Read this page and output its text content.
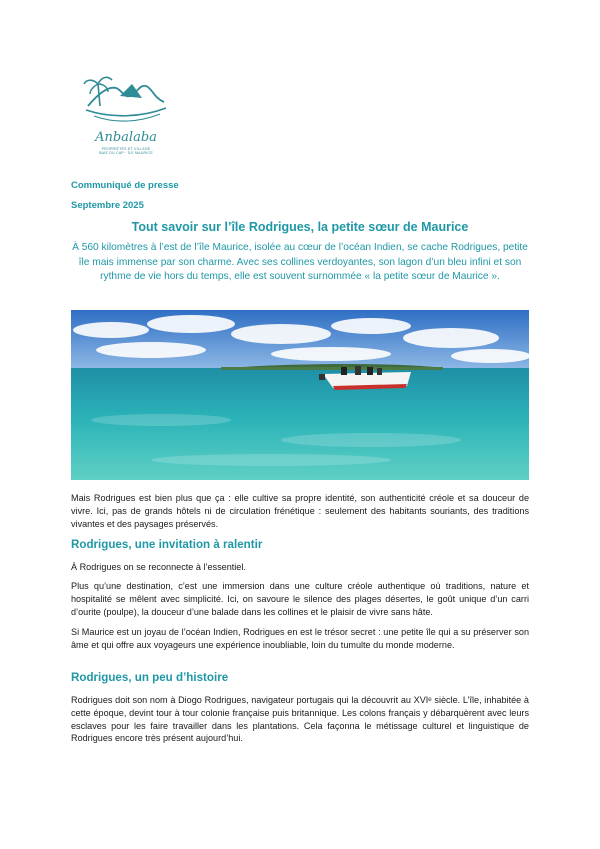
Anbalaba
PROPRIÉTÉS ET VILLAGE
BAIE DU CAP · ÎLE MAURICE
Communiqué de presse
Septembre 2025
Tout savoir sur l’île Rodrigues, la petite sœur de Maurice
À 560 kilomètres à l’est de l’île Maurice, isolée au cœur de l’océan Indien, se cache Rodrigues, petite île mais immense par son charme. Avec ses collines verdoyantes, son lagon d’un bleu infini et son rythme de vie hors du temps, elle est souvent surnommée « la petite sœur de Maurice ».

Mais Rodrigues est bien plus que ça : elle cultive sa propre identité, son authenticité créole et sa douceur de vivre. Ici, pas de grands hôtels ni de circulation frénétique : seulement des habitants souriants, des traditions vivantes et des paysages préservés.

Rodrigues, une invitation à ralentir

À Rodrigues on se reconnecte à l’essentiel.

Plus qu’une destination, c’est une immersion dans une culture créole authentique où traditions, nature et hospitalité se mêlent avec simplicité. Ici, on savoure le silence des plages désertes, le goût unique d’un carri d’ourite (poulpe), la douceur d’une balade dans les collines et le plaisir de vivre sans hâte.

Si Maurice est un joyau de l’océan Indien, Rodrigues en est le trésor secret : une petite île qui a su préserver son âme et qui offre aux voyageurs une expérience inoubliable, loin du tumulte du monde moderne.

Rodrigues, un peu d’histoire

Rodrigues doit son nom à Diogo Rodrigues, navigateur portugais qui la découvrit au XVIᵉ siècle. L’île, inhabitée à cette époque, devint tour à tour colonie française puis britannique. Les colons français y débarquèrent avec leurs esclaves pour les faire travailler dans les plantations. Cela façonna le métissage culturel et linguistique de Rodrigues encore très présent aujourd’hui.
